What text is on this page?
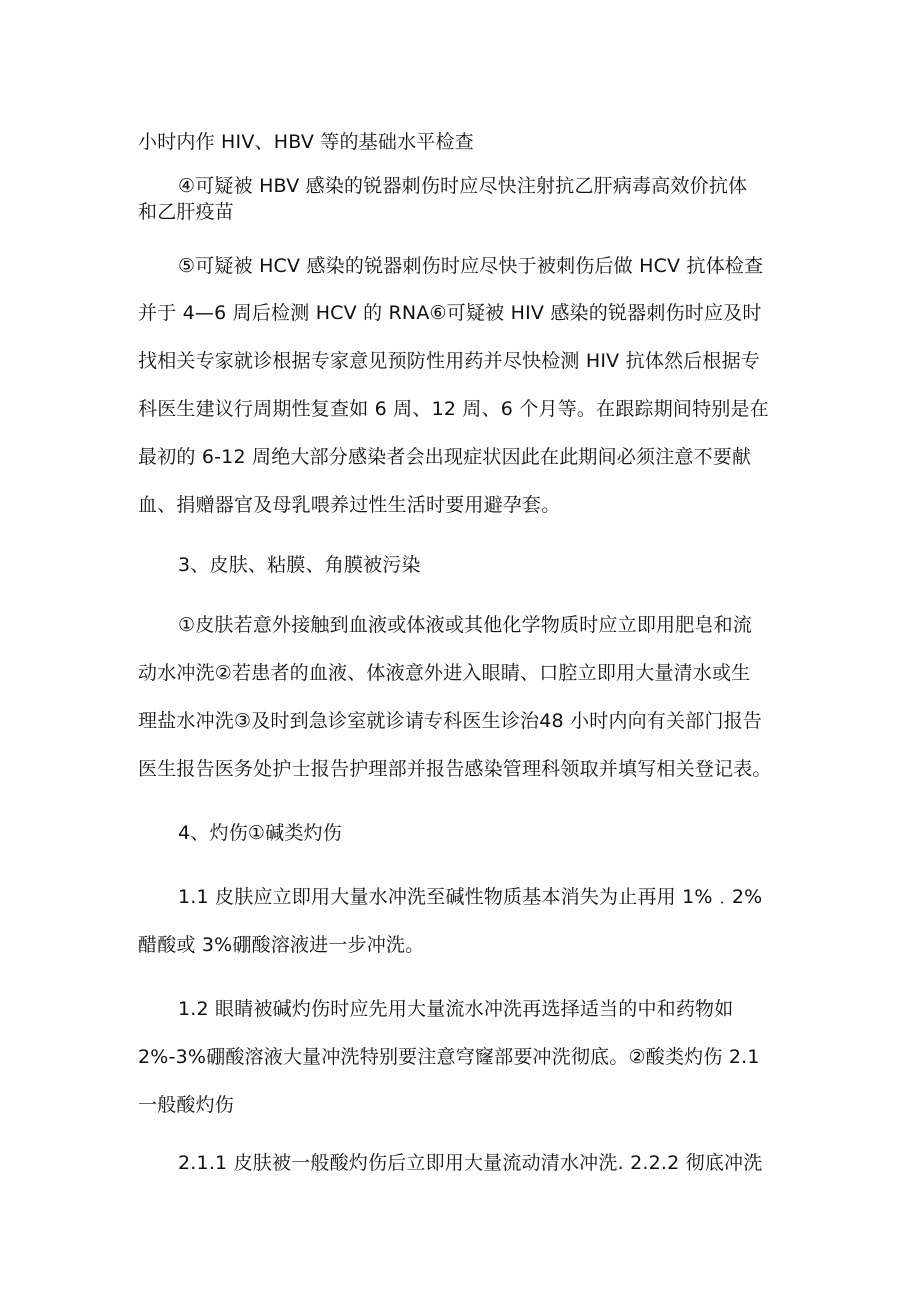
小时内作 HIV、HBV 等的基础水平检查
④可疑被 HBV 感染的锐器刺伤时应尽快注射抗乙肝病毒高效价抗体
和乙肝疫苗
⑤可疑被 HCV 感染的锐器刺伤时应尽快于被刺伤后做 HCV 抗体检查
并于 4—6 周后检测 HCV 的 RNA⑥可疑被 HIV 感染的锐器刺伤时应及时
找相关专家就诊根据专家意见预防性用药并尽快检测 HIV 抗体然后根据专
科医生建议行周期性复查如 6 周、12 周、6 个月等。在跟踪期间特别是在
最初的 6-12 周绝大部分感染者会出现症状因此在此期间必须注意不要献
血、捐赠器官及母乳喂养过性生活时要用避孕套。
3、皮肤、粘膜、角膜被污染
①皮肤若意外接触到血液或体液或其他化学物质时应立即用肥皂和流
动水冲洗②若患者的血液、体液意外进入眼睛、口腔立即用大量清水或生
理盐水冲洗③及时到急诊室就诊请专科医生诊治48 小时内向有关部门报告
医生报告医务处护士报告护理部并报告感染管理科领取并填写相关登记表。
4、灼伤①碱类灼伤
1.1 皮肤应立即用大量水冲洗至碱性物质基本消失为止再用 1%﹒2%
醋酸或 3%硼酸溶液进一步冲洗。
1.2 眼睛被碱灼伤时应先用大量流水冲洗再选择适当的中和药物如
2%-3%硼酸溶液大量冲洗特别要注意穹窿部要冲洗彻底。②酸类灼伤 2.1
一般酸灼伤
2.1.1 皮肤被一般酸灼伤后立即用大量流动清水冲洗. 2.2.2 彻底冲洗
